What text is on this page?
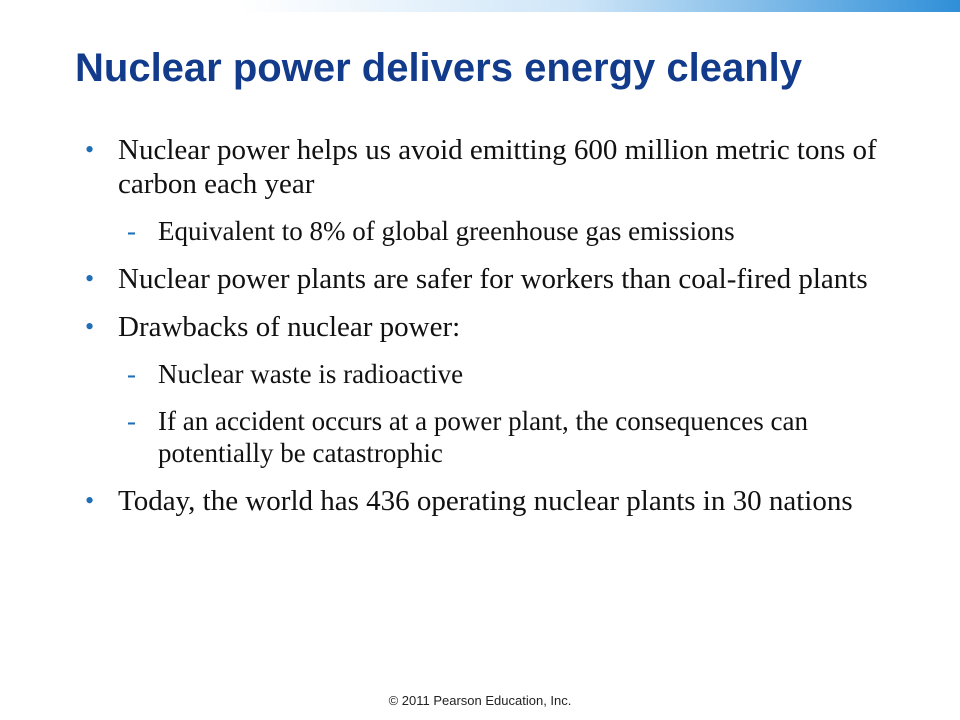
Nuclear power delivers energy cleanly
• Nuclear power helps us avoid emitting 600 million metric tons of carbon each year
- Equivalent to 8% of global greenhouse gas emissions
• Nuclear power plants are safer for workers than coal-fired plants
• Drawbacks of nuclear power:
- Nuclear waste is radioactive
- If an accident occurs at a power plant, the consequences can potentially be catastrophic
• Today, the world has 436 operating nuclear plants in 30 nations
© 2011 Pearson Education, Inc.
